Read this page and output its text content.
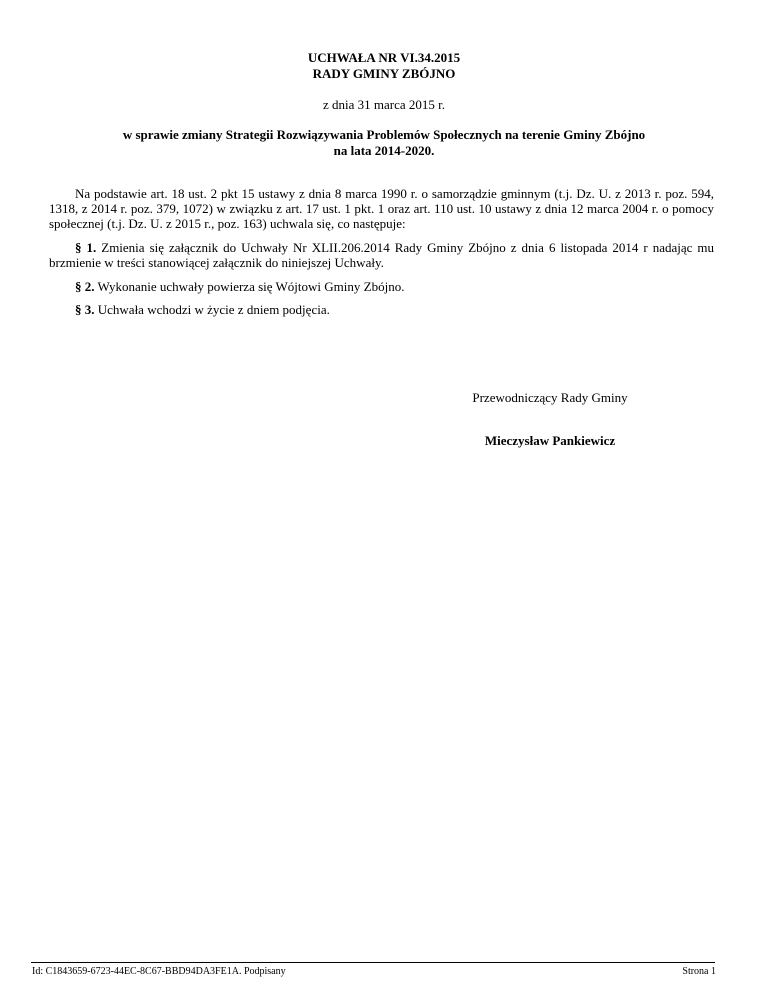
UCHWAŁA NR VI.34.2015
RADY GMINY ZBÓJNO
z dnia 31 marca 2015 r.
w sprawie zmiany Strategii Rozwiązywania Problemów Społecznych na terenie Gminy Zbójno
na lata 2014-2020.
Na podstawie art. 18 ust. 2 pkt 15 ustawy z dnia 8 marca 1990 r. o samorządzie gminnym (t.j. Dz. U. z 2013 r. poz. 594, 1318, z 2014 r. poz. 379, 1072) w związku z art. 17 ust. 1 pkt. 1 oraz art. 110 ust. 10 ustawy z dnia 12 marca 2004 r. o pomocy społecznej (t.j. Dz. U. z 2015 r., poz. 163) uchwala się, co następuje:
§ 1. Zmienia się załącznik do Uchwały Nr XLII.206.2014 Rady Gminy Zbójno z dnia 6 listopada 2014 r nadając mu brzmienie w treści stanowiącej załącznik do niniejszej Uchwały.
§ 2. Wykonanie uchwały powierza się Wójtowi Gminy Zbójno.
§ 3. Uchwała wchodzi w życie z dniem podjęcia.
Przewodniczący Rady Gminy
Mieczysław Pankiewicz
Id: C1843659-6723-44EC-8C67-BBD94DA3FE1A. Podpisany	Strona 1
